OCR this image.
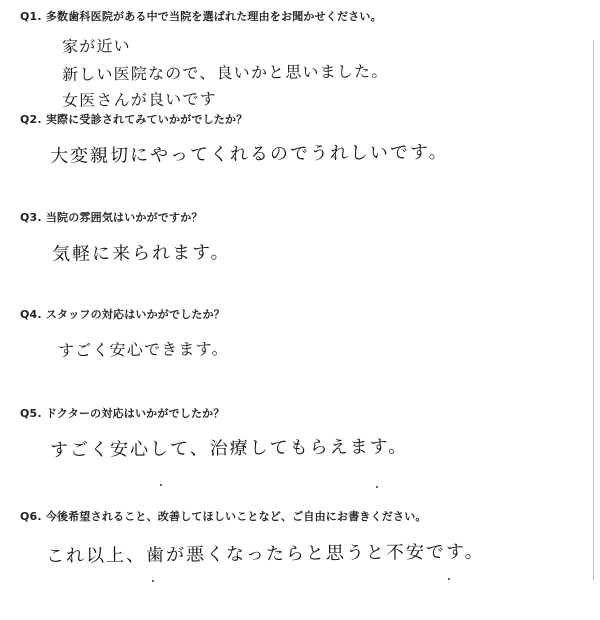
Q1. 多数歯科医院がある中で当院を選ばれた理由をお聞かせください。
家が近い
新しい医院なので、良いかと思いました。
女医さんが良いです
Q2. 実際に受診されてみていかがでしたか？
大変親切にやってくれるのでうれしいです。
Q3. 当院の雰囲気はいかがですか？
気軽に来られます。
Q4. スタッフの対応はいかがでしたか？
すごく安心できます。
Q5. ドクターの対応はいかがでしたか？
すごく安心して、治療してもらえます。
Q6. 今後希望されること、改善してほしいことなど、ご自由にお書きください。
これ以上、歯が悪くなったらと思うと不安です。
